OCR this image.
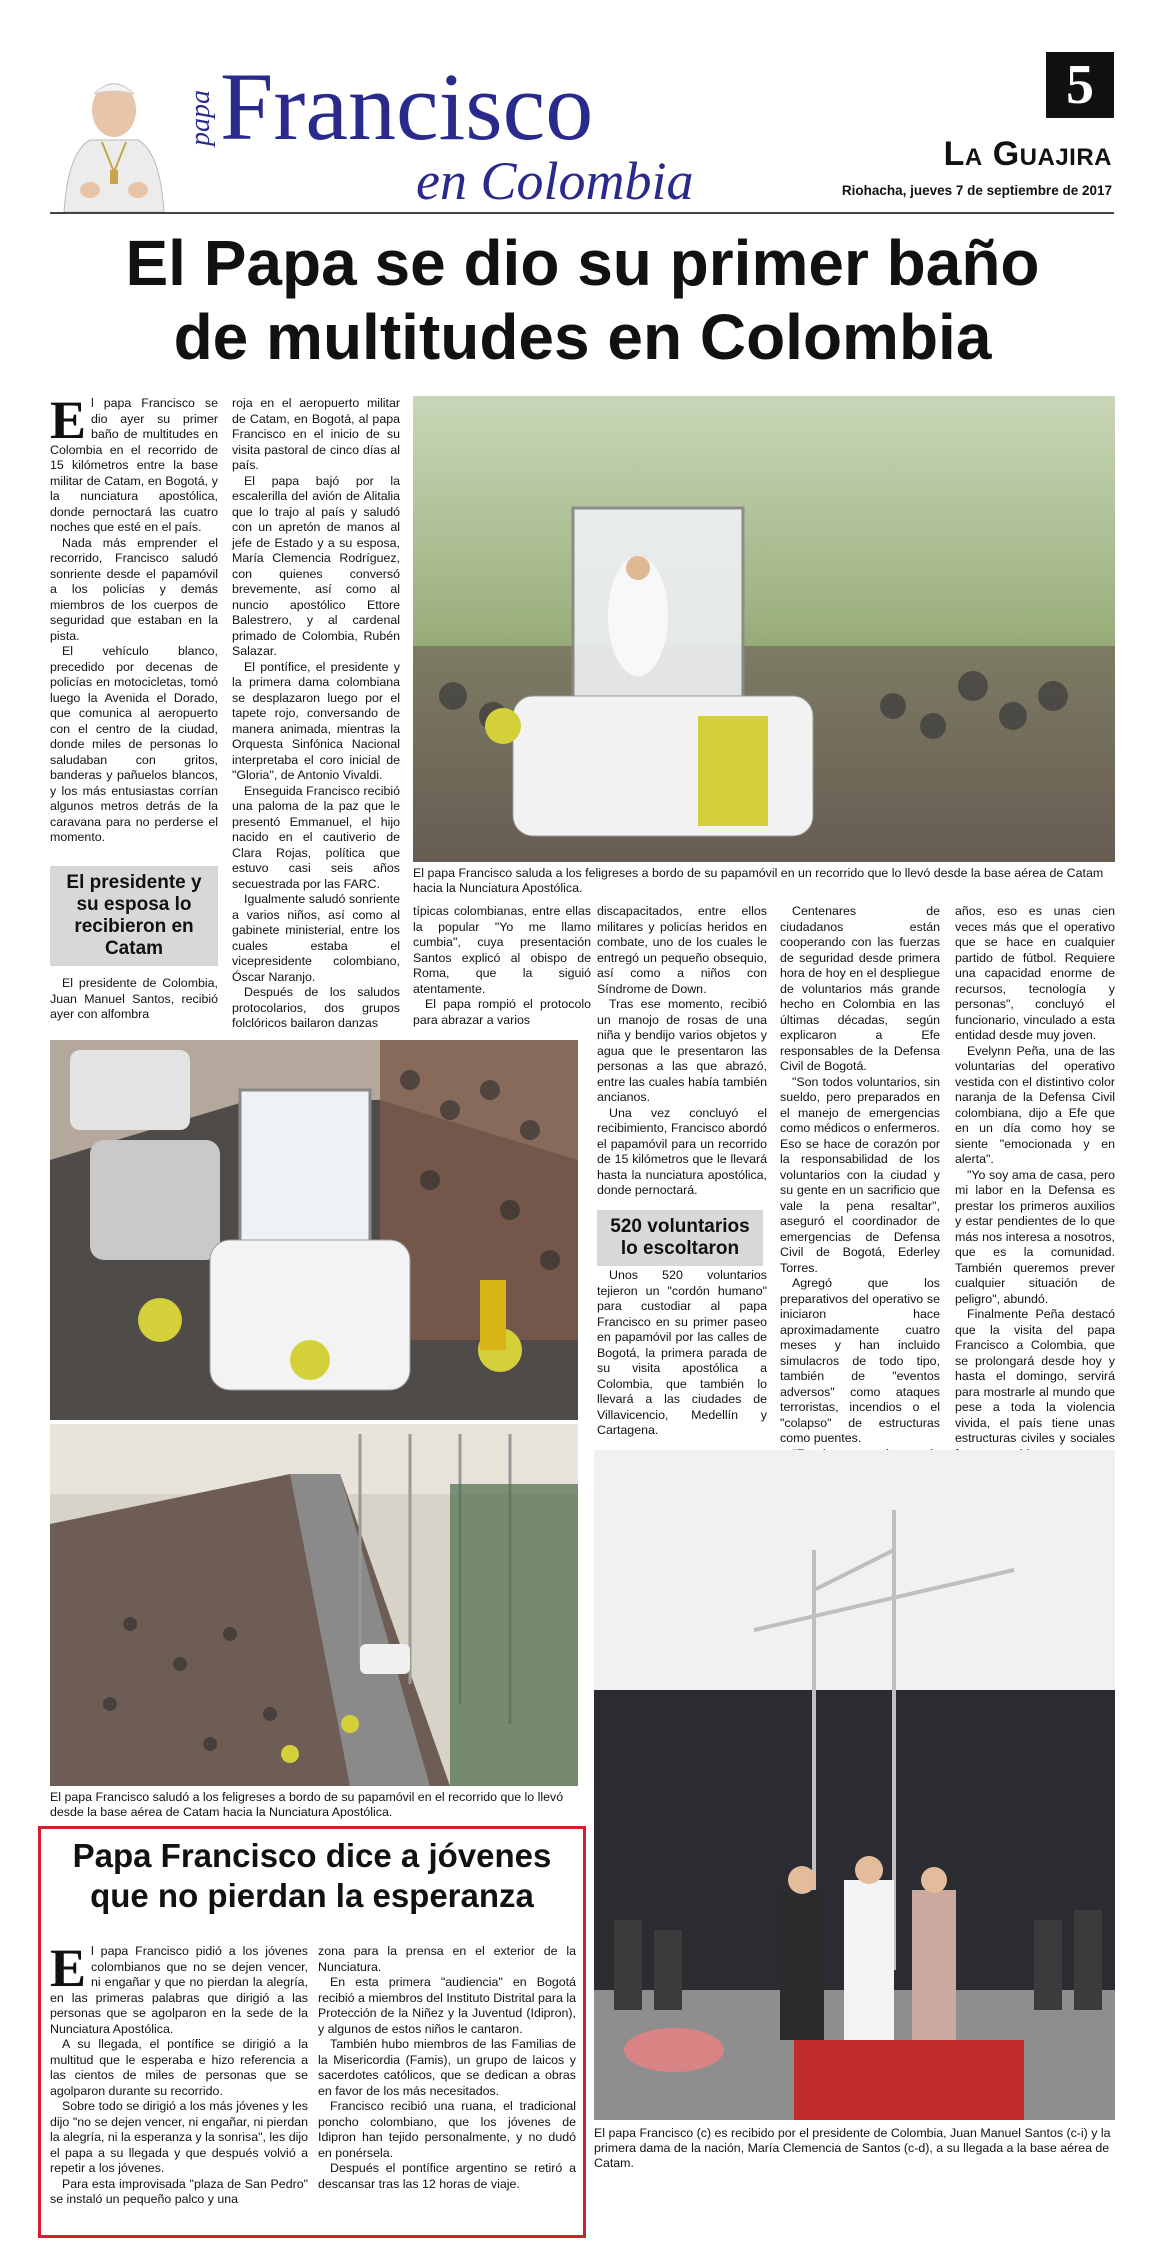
papa Francisco
en Colombia
5
La Guajira
Riohacha, jueves 7 de septiembre de 2017
El Papa se dio su primer baño
de multitudes en Colombia
E l papa Francisco se dio ayer su primer baño de multitudes en Colombia en el recorrido de 15 kilómetros entre la base militar de Catam, en Bogotá, y la nunciatura apostólica, donde pernoctará las cuatro noches que esté en el país.

Nada más emprender el recorrido, Francisco saludó sonriente desde el papamóvil a los policías y demás miembros de los cuerpos de seguridad que estaban en la pista.

El vehículo blanco, precedido por decenas de policías en motocicletas, tomó luego la Avenida el Dorado, que comunica al aeropuerto con el centro de la ciudad, donde miles de personas lo saludaban con gritos, banderas y pañuelos blancos, y los más entusiastas corrían algunos metros detrás de la caravana para no perderse el momento.

El presidente y su esposa lo recibieron en Catam

El presidente de Colombia, Juan Manuel Santos, recibió ayer con alfombra

roja en el aeropuerto militar de Catam, en Bogotá, al papa Francisco en el inicio de su visita pastoral de cinco días al país.

El papa bajó por la escalerilla del avión de Alitalia que lo trajo al país y saludó con un apretón de manos al jefe de Estado y a su esposa, María Clemencia Rodríguez, con quienes conversó brevemente, así como al nuncio apostólico Ettore Balestrero, y al cardenal primado de Colombia, Rubén Salazar.

El pontífice, el presidente y la primera dama colombiana se desplazaron luego por el tapete rojo, conversando de manera animada, mientras la Orquesta Sinfónica Nacional interpretaba el coro inicial de "Gloria", de Antonio Vivaldi.

Enseguida Francisco recibió una paloma de la paz que le presentó Emmanuel, el hijo nacido en el cautiverio de Clara Rojas, política que estuvo casi seis años secuestrada por las FARC.

Igualmente saludó sonriente a varios niños, así como al gabinete ministerial, entre los cuales estaba el vicepresidente colombiano, Óscar Naranjo.

Después de los saludos protocolarios, dos grupos folclóricos bailaron danzas

El papa Francisco saluda a los feligreses a bordo de su papamóvil en un recorrido que lo llevó desde la base aérea de Catam hacia la Nunciatura Apostólica.

típicas colombianas, entre ellas la popular "Yo me llamo cumbia", cuya presentación Santos explicó al obispo de Roma, que la siguió atentamente.

El papa rompió el protocolo para abrazar a varios

discapacitados, entre ellos militares y policías heridos en combate, uno de los cuales le entregó un pequeño obsequio, así como a niños con Síndrome de Down.

Tras ese momento, recibió un manojo de rosas de una niña y bendijo varios objetos y agua que le presentaron las personas a las que abrazó, entre las cuales había también ancianos.

Una vez concluyó el recibimiento, Francisco abordó el papamóvil para un recorrido de 15 kilómetros que le llevará hasta la nunciatura apostólica, donde pernoctará.

520 voluntarios lo escoltaron

Unos 520 voluntarios tejieron un "cordón humano" para custodiar al papa Francisco en su primer paseo en papamóvil por las calles de Bogotá, la primera parada de su visita apostólica a Colombia, que también lo llevará a las ciudades de Villavicencio, Medellín y Cartagena.

Centenares de ciudadanos están cooperando con las fuerzas de seguridad desde primera hora de hoy en el despliegue de voluntarios más grande hecho en Colombia en las últimas décadas, según explicaron a Efe responsables de la Defensa Civil de Bogotá.

"Son todos voluntarios, sin sueldo, pero preparados en el manejo de emergencias como médicos o enfermeros. Eso se hace de corazón por la responsabilidad de los voluntarios con la ciudad y su gente en un sacrificio que vale la pena resaltar", aseguró el coordinador de emergencias de Defensa Civil de Bogotá, Ederley Torres.

Agregó que los preparativos del operativo se iniciaron hace aproximadamente cuatro meses y han incluido simulacros de todo tipo, también de "eventos adversos" como ataques terroristas, incendios o el "colapso" de estructuras como puentes.

años, eso es unas cien veces más que el operativo que se hace en cualquier partido de fútbol. Requiere una capacidad enorme de recursos, tecnología y personas", concluyó el funcionario, vinculado a esta entidad desde muy joven.

Evelynn Peña, una de las voluntarias del operativo vestida con el distintivo color naranja de la Defensa Civil colombiana, dijo a Efe que en un día como hoy se siente "emocionada y en alerta".

"Yo soy ama de casa, pero mi labor en la Defensa es prestar los primeros auxilios y estar pendientes de lo que más nos interesa a nosotros, que es la comunidad. También queremos prever cualquier situación de peligro", abundó.

Finalmente Peña destacó que la visita del papa Francisco a Colombia, que se prolongará desde hoy y hasta el domingo, servirá para mostrarle al mundo que pese a toda la violencia vivida, el país tiene unas estructuras civiles y sociales

El papa Francisco saludó a los feligreses a bordo de su papamóvil en el recorrido que lo llevó desde la base aérea de Catam hacia la Nunciatura Apostólica.
El papa Francisco (c) es recibido por el presidente de Colombia, Juan Manuel Santos (c-i) y la primera dama de la nación, María Clemencia de Santos (c-d), a su llegada a la base aérea de Catam.
Papa Francisco dice a jóvenes
que no pierdan la esperanza
E l papa Francisco pidió a los jóvenes colombianos que no se dejen vencer, ni engañar y que no pierdan la alegría, en las primeras palabras que dirigió a las personas que se agolparon en la sede de la Nunciatura Apostólica.

A su llegada, el pontífice se dirigió a la multitud que le esperaba e hizo referencia a las cientos de miles de personas que se agolparon durante su recorrido.

Sobre todo se dirigió a los más jóvenes y les dijo "no se dejen vencer, ni engañar, ni pierdan la alegría, ni la esperanza y la sonrisa", les dijo el papa a su llegada y que después volvió a repetir a los jóvenes.

Para esta improvisada "plaza de San Pedro" se instaló un pequeño palco y una

zona para la prensa en el exterior de la Nunciatura.

En esta primera "audiencia" en Bogotá recibió a miembros del Instituto Distrital para la Protección de la Niñez y la Juventud (Idipron), y algunos de estos niños le cantaron.

También hubo miembros de las Familias de la Misericordia (Famis), un grupo de laicos y sacerdotes católicos, que se dedican a obras en favor de los más necesitados.

Francisco recibió una ruana, el tradicional poncho colombiano, que los jóvenes de Idipron han tejido personalmente, y no dudó en ponérsela.

Después el pontífice argentino se retiró a descansar tras las 12 horas de viaje.
